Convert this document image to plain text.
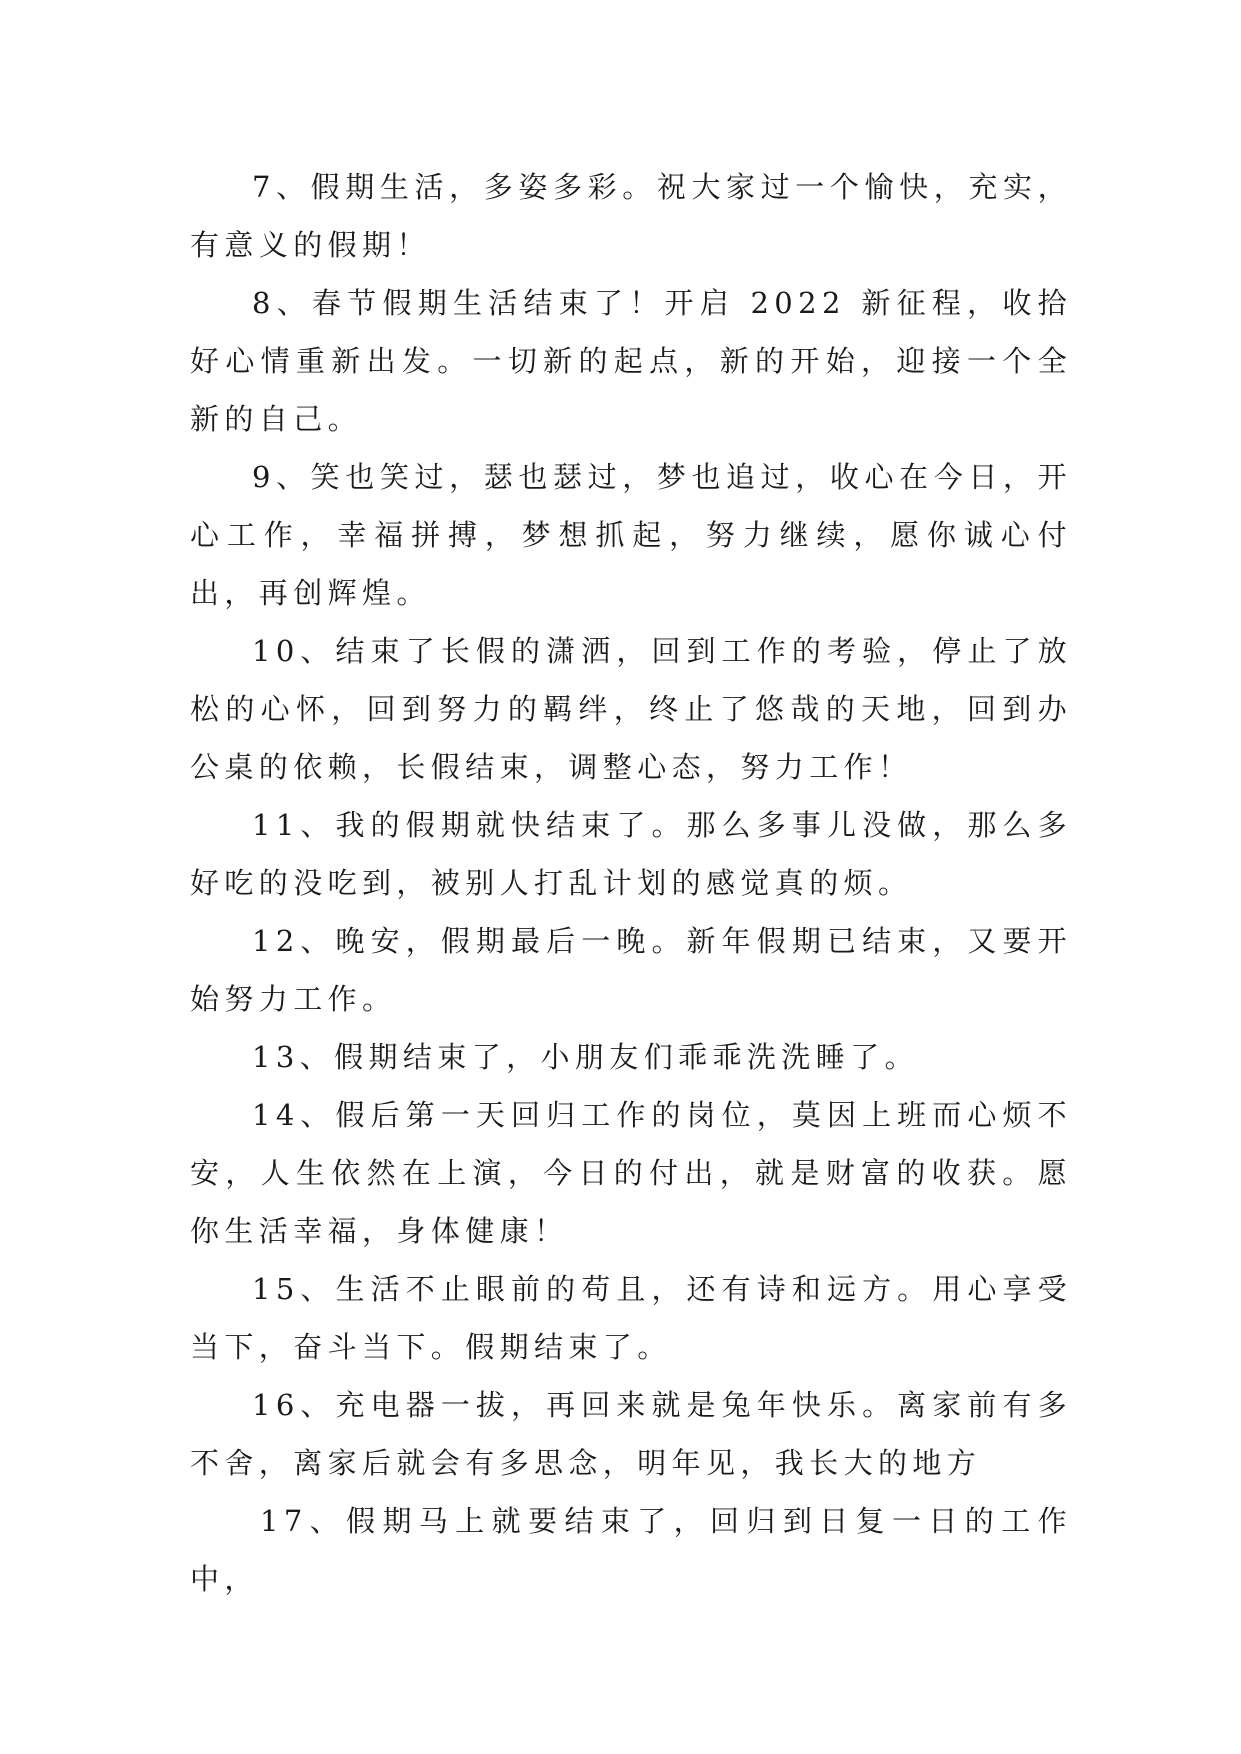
7、假期生活，多姿多彩。祝大家过一个愉快，充实，有意义的假期！

8、春节假期生活结束了！开启 2022 新征程，收拾好心情重新出发。一切新的起点，新的开始，迎接一个全新的自己。

9、笑也笑过，瑟也瑟过，梦也追过，收心在今日，开心工作，幸福拼搏，梦想抓起，努力继续，愿你诚心付出，再创辉煌。

10、结束了长假的潇洒，回到工作的考验，停止了放松的心怀，回到努力的羁绊，终止了悠哉的天地，回到办公桌的依赖，长假结束，调整心态，努力工作！

11、我的假期就快结束了。那么多事儿没做，那么多好吃的没吃到，被别人打乱计划的感觉真的烦。

12、晚安，假期最后一晚。新年假期已结束，又要开始努力工作。

13、假期结束了，小朋友们乖乖洗洗睡了。

14、假后第一天回归工作的岗位，莫因上班而心烦不安，人生依然在上演，今日的付出，就是财富的收获。愿你生活幸福，身体健康！

15、生活不止眼前的苟且，还有诗和远方。用心享受当下，奋斗当下。假期结束了。

16、充电器一拔，再回来就是兔年快乐。离家前有多不舍，离家后就会有多思念，明年见，我长大的地方

17、假期马上就要结束了，回归到日复一日的工作中，
